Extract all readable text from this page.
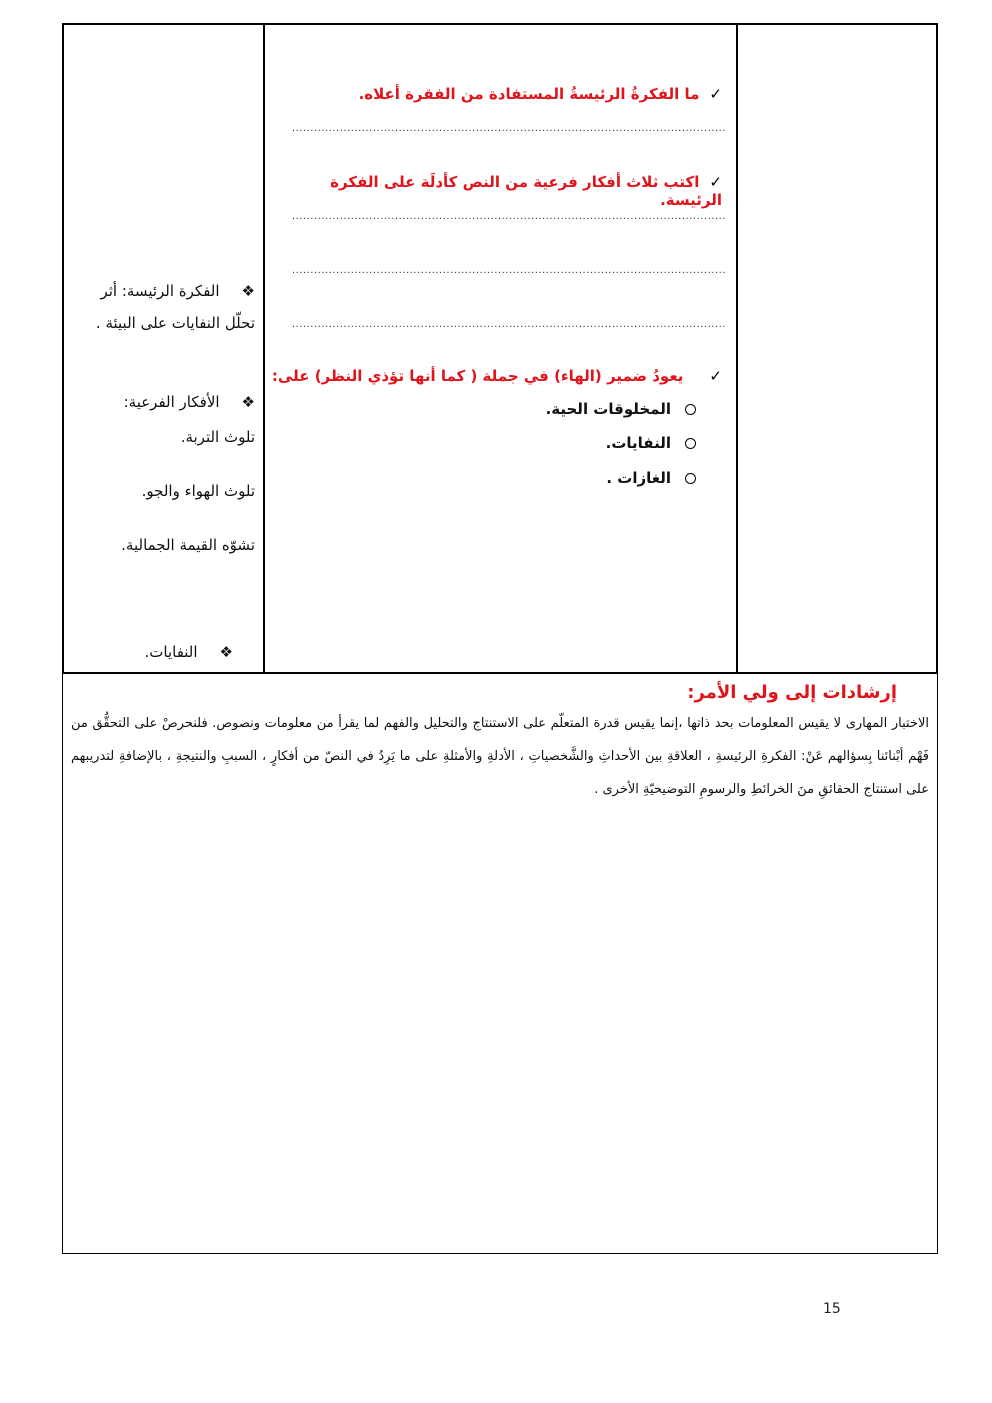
✓ما الفكرةُ الرئيسةُ المستفادة من الفقرة أعلاه.
......................................................................................................................
✓اكتب ثلاث أفكار فرعية من النص كأدلَة على الفكرة الرئيسة.
......................................................................................................................
......................................................................................................................
......................................................................................................................
✓يعودُ ضمير (الهاء) في جملة ( كما أنها تؤذي النظر) على:
المخلوقات الحية.
النفايات.
الغازات .
❖الفكرة الرئيسة: أثر تحلّل النفايات على البيئة .
❖الأفكار الفرعية:
تلوث التربة.
تلوث الهواء والجو.
تشوّه القيمة الجمالية.
❖النفايات.
إرشادات إلى ولي الأمر:

الاختبار المهارى لا يقيس المعلومات بحد ذاتها ،إنما يقيس قدرة المتعلّم على الاستنتاج والتحليل والفهم لما يقرأ من معلومات ونصوص. فلنحرصْ على التحقُّق من فَهْم أبْنائنا بِسؤالهم عَنْ: الفكرةِ الرئيسةِ ، العلاقةِ بين الأحداثِ والشَّخصياتِ ، الأدلةِ والأمثلةِ على ما يَرِدُ في النصّ من أفكارٍ ، السببِ والنتيجةِ ، بالإضافةِ لتدريبهم على استنتاج الحقائقِ منَ الخرائطِ والرسومِ التوضيحيّةِ الأخرى .

15
